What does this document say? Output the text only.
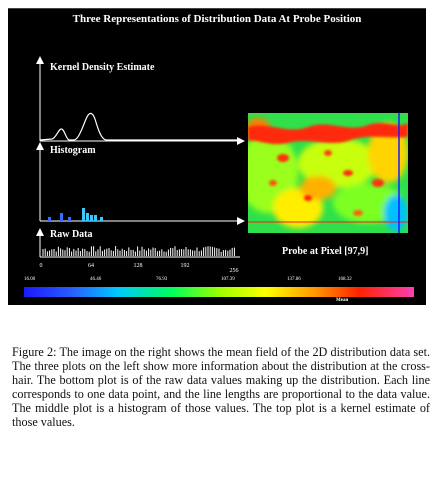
Three Representations of Distribution Data At Probe Position
0	64	128	192
256
Kernel Density Estimate
Histogram
Raw Data
Probe at Pixel [97,9]
16.00	46.46	76.93	107.39	137.86	168.32
Mean
Figure 2: The image on the right shows the mean field of the 2D distribution data set. The three plots on the left show more information about the distribution at the cross-hair. The bottom plot is of the raw data values making up the distribution. Each line corresponds to one data point, and the line lengths are proportional to the data value. The middle plot is a histogram of those values. The top plot is a kernel estimate of those values.
